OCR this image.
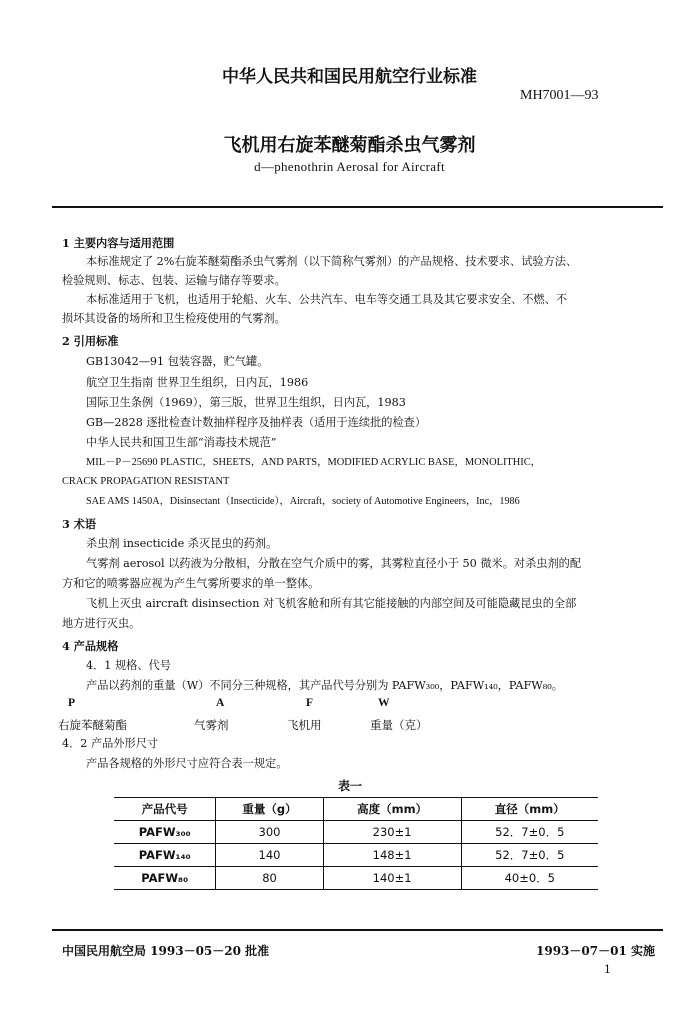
中华人民共和国民用航空行业标准
MH7001—93
飞机用右旋苯醚菊酯杀虫气雾剂
d—phenothrin Aerosal for Aircraft
1 主要内容与适用范围
本标准规定了 2%右旋苯醚菊酯杀虫气雾剂（以下简称气雾剂）的产品规格、技术要求、试验方法、
检验规则、标志、包装、运输与储存等要求。
本标准适用于飞机，也适用于轮船、火车、公共汽车、电车等交通工具及其它要求安全、不燃、不
损坏其设备的场所和卫生检疫使用的气雾剂。
2 引用标准
GB13042—91 包装容器，贮气罐。
航空卫生指南 世界卫生组织，日内瓦，1986
国际卫生条例（1969），第三版，世界卫生组织，日内瓦，1983
GB—2828 逐批检查计数抽样程序及抽样表（适用于连续批的检查）
中华人民共和国卫生部“消毒技术规范”
MIL－P－25690 PLASTIC，SHEETS，AND PARTS，MODIFIED ACRYLIC BASE，MONOLITHIC，
CRACK PROPAGATION RESISTANT
SAE AMS 1450A，Disinsectant（Insecticide），Aircraft，society of Automotive Engineers，Inc，1986
3 术语
杀虫剂 insecticide 杀灭昆虫的药剂。
气雾剂 aerosol 以药液为分散相，分散在空气介质中的雾，其雾粒直径小于 50 微米。对杀虫剂的配
方和它的喷雾器应视为产生气雾所要求的单一整体。
飞机上灭虫 aircraft disinsection 对飞机客舱和所有其它能接触的内部空间及可能隐藏昆虫的全部
地方进行灭虫。
4 产品规格
4．1 规格、代号
产品以药剂的重量（W）不同分三种规格，其产品代号分别为 PAFW₃₀₀，PAFW₁₄₀，PAFW₈₀。
P	A	F	W
右旋苯醚菊酯	气雾剂	飞机用	重量（克）
4．2 产品外形尺寸
产品各规格的外形尺寸应符合表一规定。
表一
产品代号	重量（g）	高度（mm）	直径（mm）
PAFW₃₀₀	300	230±1	52．7±0．5
PAFW₁₄₀	140	148±1	52．7±0．5
PAFW₈₀	80	140±1	40±0．5
中国民用航空局 1993－05－20 批准	1993－07－01 实施
1
